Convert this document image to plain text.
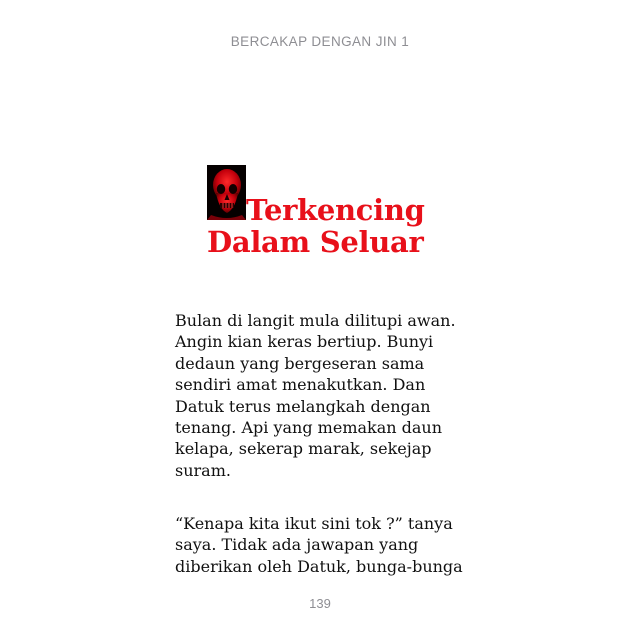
BERCAKAP DENGAN JIN 1
Terkencing
Dalam Seluar
Bulan di langit mula dilitupi awan.
Angin kian keras bertiup. Bunyi
dedaun yang bergeseran sama
sendiri amat menakutkan. Dan
Datuk terus melangkah dengan
tenang. Api yang memakan daun
kelapa, sekerap marak, sekejap
suram.
“Kenapa kita ikut sini tok ?” tanya
saya. Tidak ada jawapan yang
diberikan oleh Datuk, bunga-bunga
139
